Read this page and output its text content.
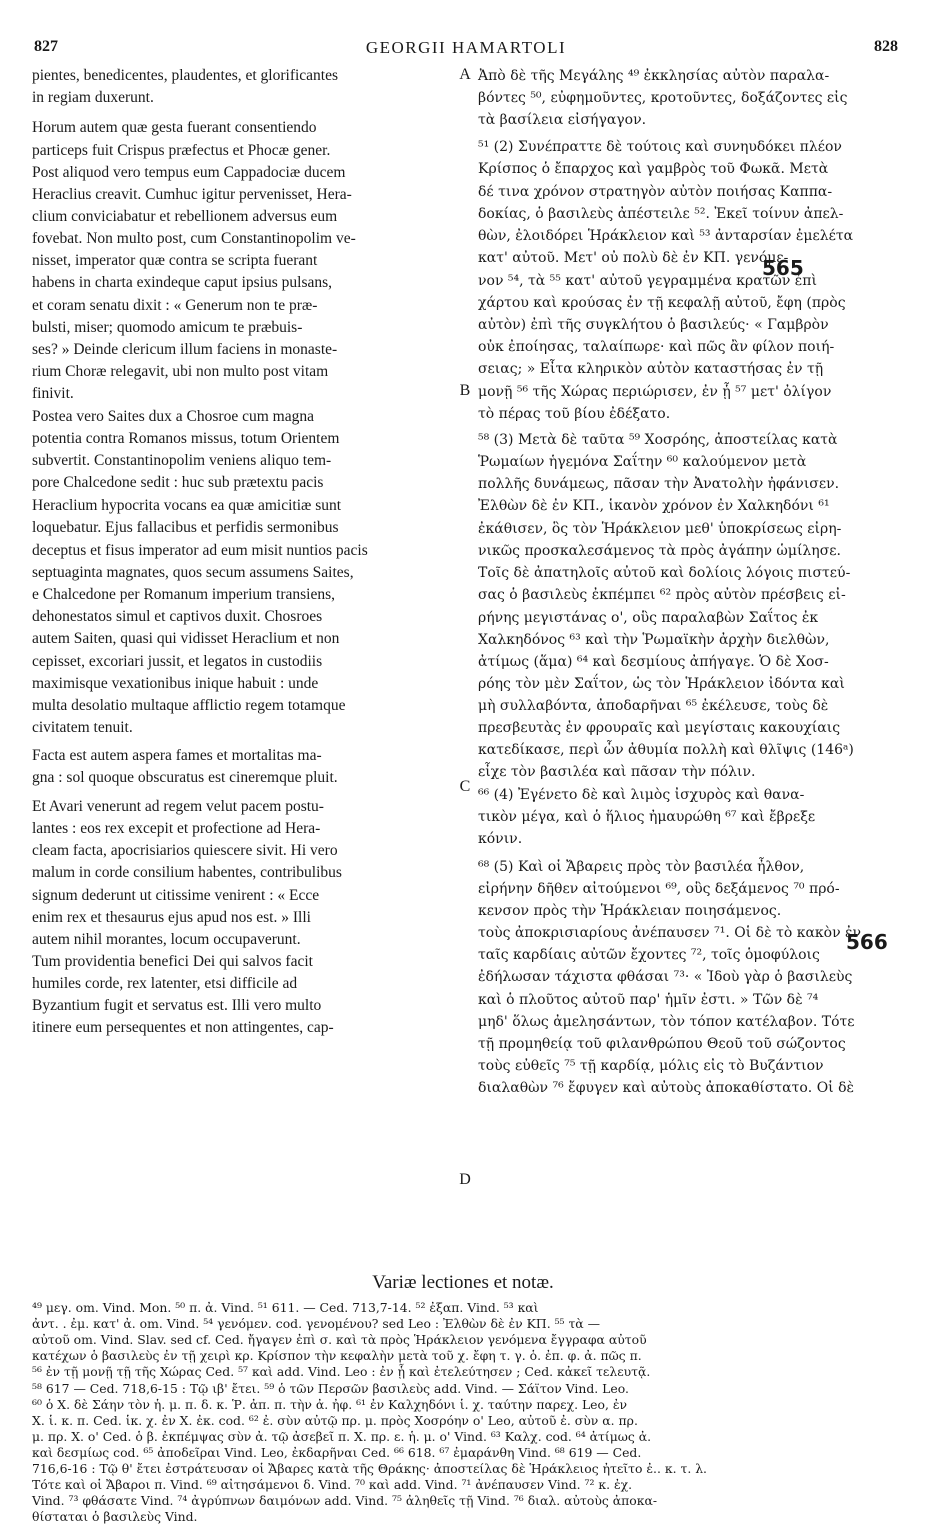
827	GEORGII HAMARTOLI	828
pientes, benedicentes, plaudentes, et glorificantes
in regiam duxerunt.
Horum autem quæ gesta fuerant consentiendo
particeps fuit Crispus præfectus et Phocæ gener.
Post aliquod vero tempus eum Cappadociæ ducem
Heraclius creavit. Cumhuc igitur pervenisset, Hera-
clium conviciabatur et rebellionem adversus eum
fovebat. Non multo post, cum Constantinopolim ve-
nisset, imperator quæ contra se scripta fuerant
habens in charta exindeque caput ipsius pulsans,
et coram senatu dixit : « Generum non te præ-
bulsti, miser; quomodo amicum te præbuis-
ses? » Deinde clericum illum faciens in monaste-
rium Choræ relegavit, ubi non multo post vitam
finivit.
Postea vero Saites dux a Chosroe cum magna
potentia contra Romanos missus, totum Orientem
subvertit. Constantinopolim veniens aliquo tem-
pore Chalcedone sedit : huc sub prætextu pacis
Heraclium hypocrita vocans ea quæ amicitiæ sunt
loquebatur. Ejus fallacibus et perfidis sermonibus
deceptus et fisus imperator ad eum misit nuntios pacis
septuaginta magnates, quos secum assumens Saites,
e Chalcedone per Romanum imperium transiens,
dehonestatos simul et captivos duxit. Chosroes
autem Saiten, quasi qui vidisset Heraclium et non
cepisset, excoriari jussit, et legatos in custodiis
maximisque vexationibus inique habuit : unde
multa desolatio multaque afflictio regem totamque
civitatem tenuit.
Facta est autem aspera fames et mortalitas ma-
gna : sol quoque obscuratus est cineremque pluit.
Et Avari venerunt ad regem velut pacem postu-
lantes : eos rex excepit et profectione ad Hera-
cleam facta, apocrisiarios quiescere sivit. Hi vero
malum in corde consilium habentes, contribulibus
signum dederunt ut citissime venirent : « Ecce
enim rex et thesaurus ejus apud nos est. » Illi
autem nihil morantes, locum occupaverunt.
Tum providentia benefici Dei qui salvos facit
humiles corde, rex latenter, etsi difficile ad
Byzantium fugit et servatus est. Illi vero multo
itinere eum persequentes et non attingentes, cap-
Ἀπὸ δὲ τῆς Μεγάλης ⁴⁹ ἐκκλησίας αὐτὸν παραλα-
βόντες ⁵⁰, εὐφημοῦντες, κροτοῦντες, δοξάζοντες εἰς
τὰ βασίλεια εἰσήγαγον.
⁵¹ (2) Συνέπραττε δὲ τούτοις καὶ συνηυδόκει πλέον
Κρίσπος ὁ ἔπαρχος καὶ γαμβρὸς τοῦ Φωκᾶ. Μετὰ
δέ τινα χρόνον στρατηγὸν αὐτὸν ποιήσας Καππα-
δοκίας, ὁ βασιλεὺς ἀπέστειλε ⁵². Ἐκεῖ τοίνυν ἀπελ-
θὼν, ἐλοιδόρει Ἡράκλειον καὶ ⁵³ ἀνταρσίαν ἐμελέτα
κατ' αὐτοῦ. Μετ' οὐ πολὺ δὲ ἐν ΚΠ. γενόμε-
νον ⁵⁴, τὰ ⁵⁵ κατ' αὐτοῦ γεγραμμένα κρατῶν ἐπὶ
χάρτου καὶ κρούσας ἐν τῇ κεφαλῇ αὐτοῦ, ἔφη (πρὸς
αὐτὸν) ἐπὶ τῆς συγκλήτου ὁ βασιλεύς· « Γαμβρὸν
οὐκ ἐποίησας, ταλαίπωρε· καὶ πῶς ἂν φίλον ποιή-
σειας; » Εἶτα κληρικὸν αὐτὸν καταστήσας ἐν τῇ
μονῇ ⁵⁶ τῆς Χώρας περιώρισεν, ἐν ᾗ ⁵⁷ μετ' ὀλίγον
τὸ πέρας τοῦ βίου ἐδέξατο.
⁵⁸ (3) Μετὰ δὲ ταῦτα ⁵⁹ Χοσρόης, ἀποστείλας κατὰ
Ῥωμαίων ἡγεμόνα Σαΐτην ⁶⁰ καλούμενον μετὰ
πολλῆς δυνάμεως, πᾶσαν τὴν Ἀνατολὴν ἠφάνισεν.
Ἐλθὼν δὲ ἐν ΚΠ., ἱκανὸν χρόνον ἐν Χαλκηδόνι ⁶¹
ἐκάθισεν, ὃς τὸν Ἡράκλειον μεθ' ὑποκρίσεως εἰρη-
νικῶς προσκαλεσάμενος τὰ πρὸς ἀγάπην ὡμίλησε.
Τοῖς δὲ ἀπατηλοῖς αὐτοῦ καὶ δολίοις λόγοις πιστεύ-
σας ὁ βασιλεὺς ἐκπέμπει ⁶² πρὸς αὐτὸν πρέσβεις εἰ-
ρήνης μεγιστάνας ο', οὓς παραλαβὼν Σαΐτος ἐκ
Χαλκηδόνος ⁶³ καὶ τὴν Ῥωμαϊκὴν ἀρχὴν διελθὼν,
ἀτίμως (ἅμα) ⁶⁴ καὶ δεσμίους ἀπήγαγε. Ὁ δὲ Χοσ-
ρόης τὸν μὲν Σαΐτον, ὡς τὸν Ἡράκλειον ἰδόντα καὶ
μὴ συλλαβόντα, ἀποδαρῆναι ⁶⁵ ἐκέλευσε, τοὺς δὲ
πρεσβευτὰς ἐν φρουραῖς καὶ μεγίσταις κακουχίαις
κατεδίκασε, περὶ ὧν ἀθυμία πολλὴ καὶ θλῖψις (146ᵃ)
εἶχε τὸν βασιλέα καὶ πᾶσαν τὴν πόλιν.
⁶⁶ (4) Ἐγένετο δὲ καὶ λιμὸς ἰσχυρὸς καὶ θανα-
τικὸν μέγα, καὶ ὁ ἥλιος ἠμαυρώθη ⁶⁷ καὶ ἔβρεξε
κόνιν.
⁶⁸ (5) Καὶ οἱ Ἄβαρεις πρὸς τὸν βασιλέα ἦλθον,
εἰρήνην δῆθεν αἰτούμενοι ⁶⁹, οὓς δεξάμενος ⁷⁰ πρό-
κενσον πρὸς τὴν Ἡράκλειαν ποιησάμενος.
τοὺς ἀποκρισιαρίους ἀνέπαυσεν ⁷¹. Οἱ δὲ τὸ κακὸν ἐν
ταῖς καρδίαις αὐτῶν ἔχοντες ⁷², τοῖς ὁμοφύλοις
ἐδήλωσαν τάχιστα φθάσαι ⁷³· « Ἰδοὺ γὰρ ὁ βασιλεὺς
καὶ ὁ πλοῦτος αὐτοῦ παρ' ἡμῖν ἐστι. » Τῶν δὲ ⁷⁴
μηδ' ὅλως ἀμελησάντων, τὸν τόπον κατέλαβον. Τότε
τῇ προμηθείᾳ τοῦ φιλανθρώπου Θεοῦ τοῦ σώζοντος
τοὺς εὐθεῖς ⁷⁵ τῇ καρδίᾳ, μόλις εἰς τὸ Βυζάντιον
διαλαθὼν ⁷⁶ ἔφυγεν καὶ αὐτοὺς ἀποκαθίστατο. Οἱ δὲ
A
B
C
D
565
566
Variæ lectiones et notæ.
⁴⁹ μεγ. om. Vind. Mon. ⁵⁰ π. ἀ. Vind. ⁵¹ 611. — Ced. 713,7-14. ⁵² ἐξαπ. Vind. ⁵³ καὶ
ἀντ. . ἐμ. κατ' ἀ. om. Vind. ⁵⁴ γενόμεν. cod. γενομένου? sed Leo : Ἐλθὼν δὲ ἐν ΚΠ. ⁵⁵ τὰ —
αὐτοῦ om. Vind. Slav. sed cf. Ced. ἤγαγεν ἐπὶ σ. καὶ τὰ πρὸς Ἡράκλειον γενόμενα ἔγγραφα αὐτοῦ
κατέχων ὁ βασιλεὺς ἐν τῇ χειρὶ κρ. Κρίσπον τὴν κεφαλὴν μετὰ τοῦ χ. ἔφη τ. γ. ὁ. ἐπ. φ. ἀ. πῶς π.
⁵⁶ ἐν τῇ μονῇ τῇ τῆς Χώρας Ced. ⁵⁷ καὶ add. Vind. Leo : ἐν ᾗ καὶ ἐτελεύτησεν ; Ced. κἀκεῖ τελευτᾷ.
⁵⁸ 617 — Ced. 718,6-15 : Τῷ ιβ' ἔτει. ⁵⁹ ὁ τῶν Περσῶν βασιλεὺς add. Vind. — Σάϊτον Vind. Leo.
⁶⁰ ὁ Χ. δὲ Σάην τὸν ἡ. μ. π. δ. κ. Ῥ. ἀπ. π. τὴν ἀ. ἠφ. ⁶¹ ἐν Καλχηδόνι ἱ. χ. ταύτην παρεχ. Leo, ἐν
Χ. ἱ. κ. π. Ced. ἱκ. χ. ἐν Χ. ἐκ. cod. ⁶² ἐ. σὺν αὐτῷ πρ. μ. πρὸς Χοσρόην ο' Leo, αὐτοῦ ἐ. σὺν α. πρ.
μ. πρ. Χ. ο' Ced. ὁ β. ἐκπέμψας σὺν ἀ. τῷ ἀσεβεῖ π. Χ. πρ. ε. ἡ. μ. ο' Vind. ⁶³ Καλχ. cod. ⁶⁴ ἀτίμως ἀ.
καὶ δεσμίως cod. ⁶⁵ ἀποδεῖραι Vind. Leo, ἐκδαρῆναι Ced. ⁶⁶ 618. ⁶⁷ ἐμαράνθη Vind. ⁶⁸ 619 — Ced.
716,6-16 : Τῷ θ' ἔτει ἐστράτευσαν οἱ Ἄβαρες κατὰ τῆς Θράκης· ἀποστείλας δὲ Ἡράκλειος ἠτεῖτο ἐ.. κ. τ. λ.
Τότε καὶ οἱ Ἄβαροι π. Vind. ⁶⁹ αἰτησάμενοι δ. Vind. ⁷⁰ καὶ add. Vind. ⁷¹ ἀνέπαυσεν Vind. ⁷² κ. ἐχ.
Vind. ⁷³ φθάσατε Vind. ⁷⁴ ἀγρύπνων δαιμόνων add. Vind. ⁷⁵ ἀληθεῖς τῇ Vind. ⁷⁶ διαλ. αὐτοὺς ἀποκα-
θίσταται ὁ βασιλεὺς Vind.
